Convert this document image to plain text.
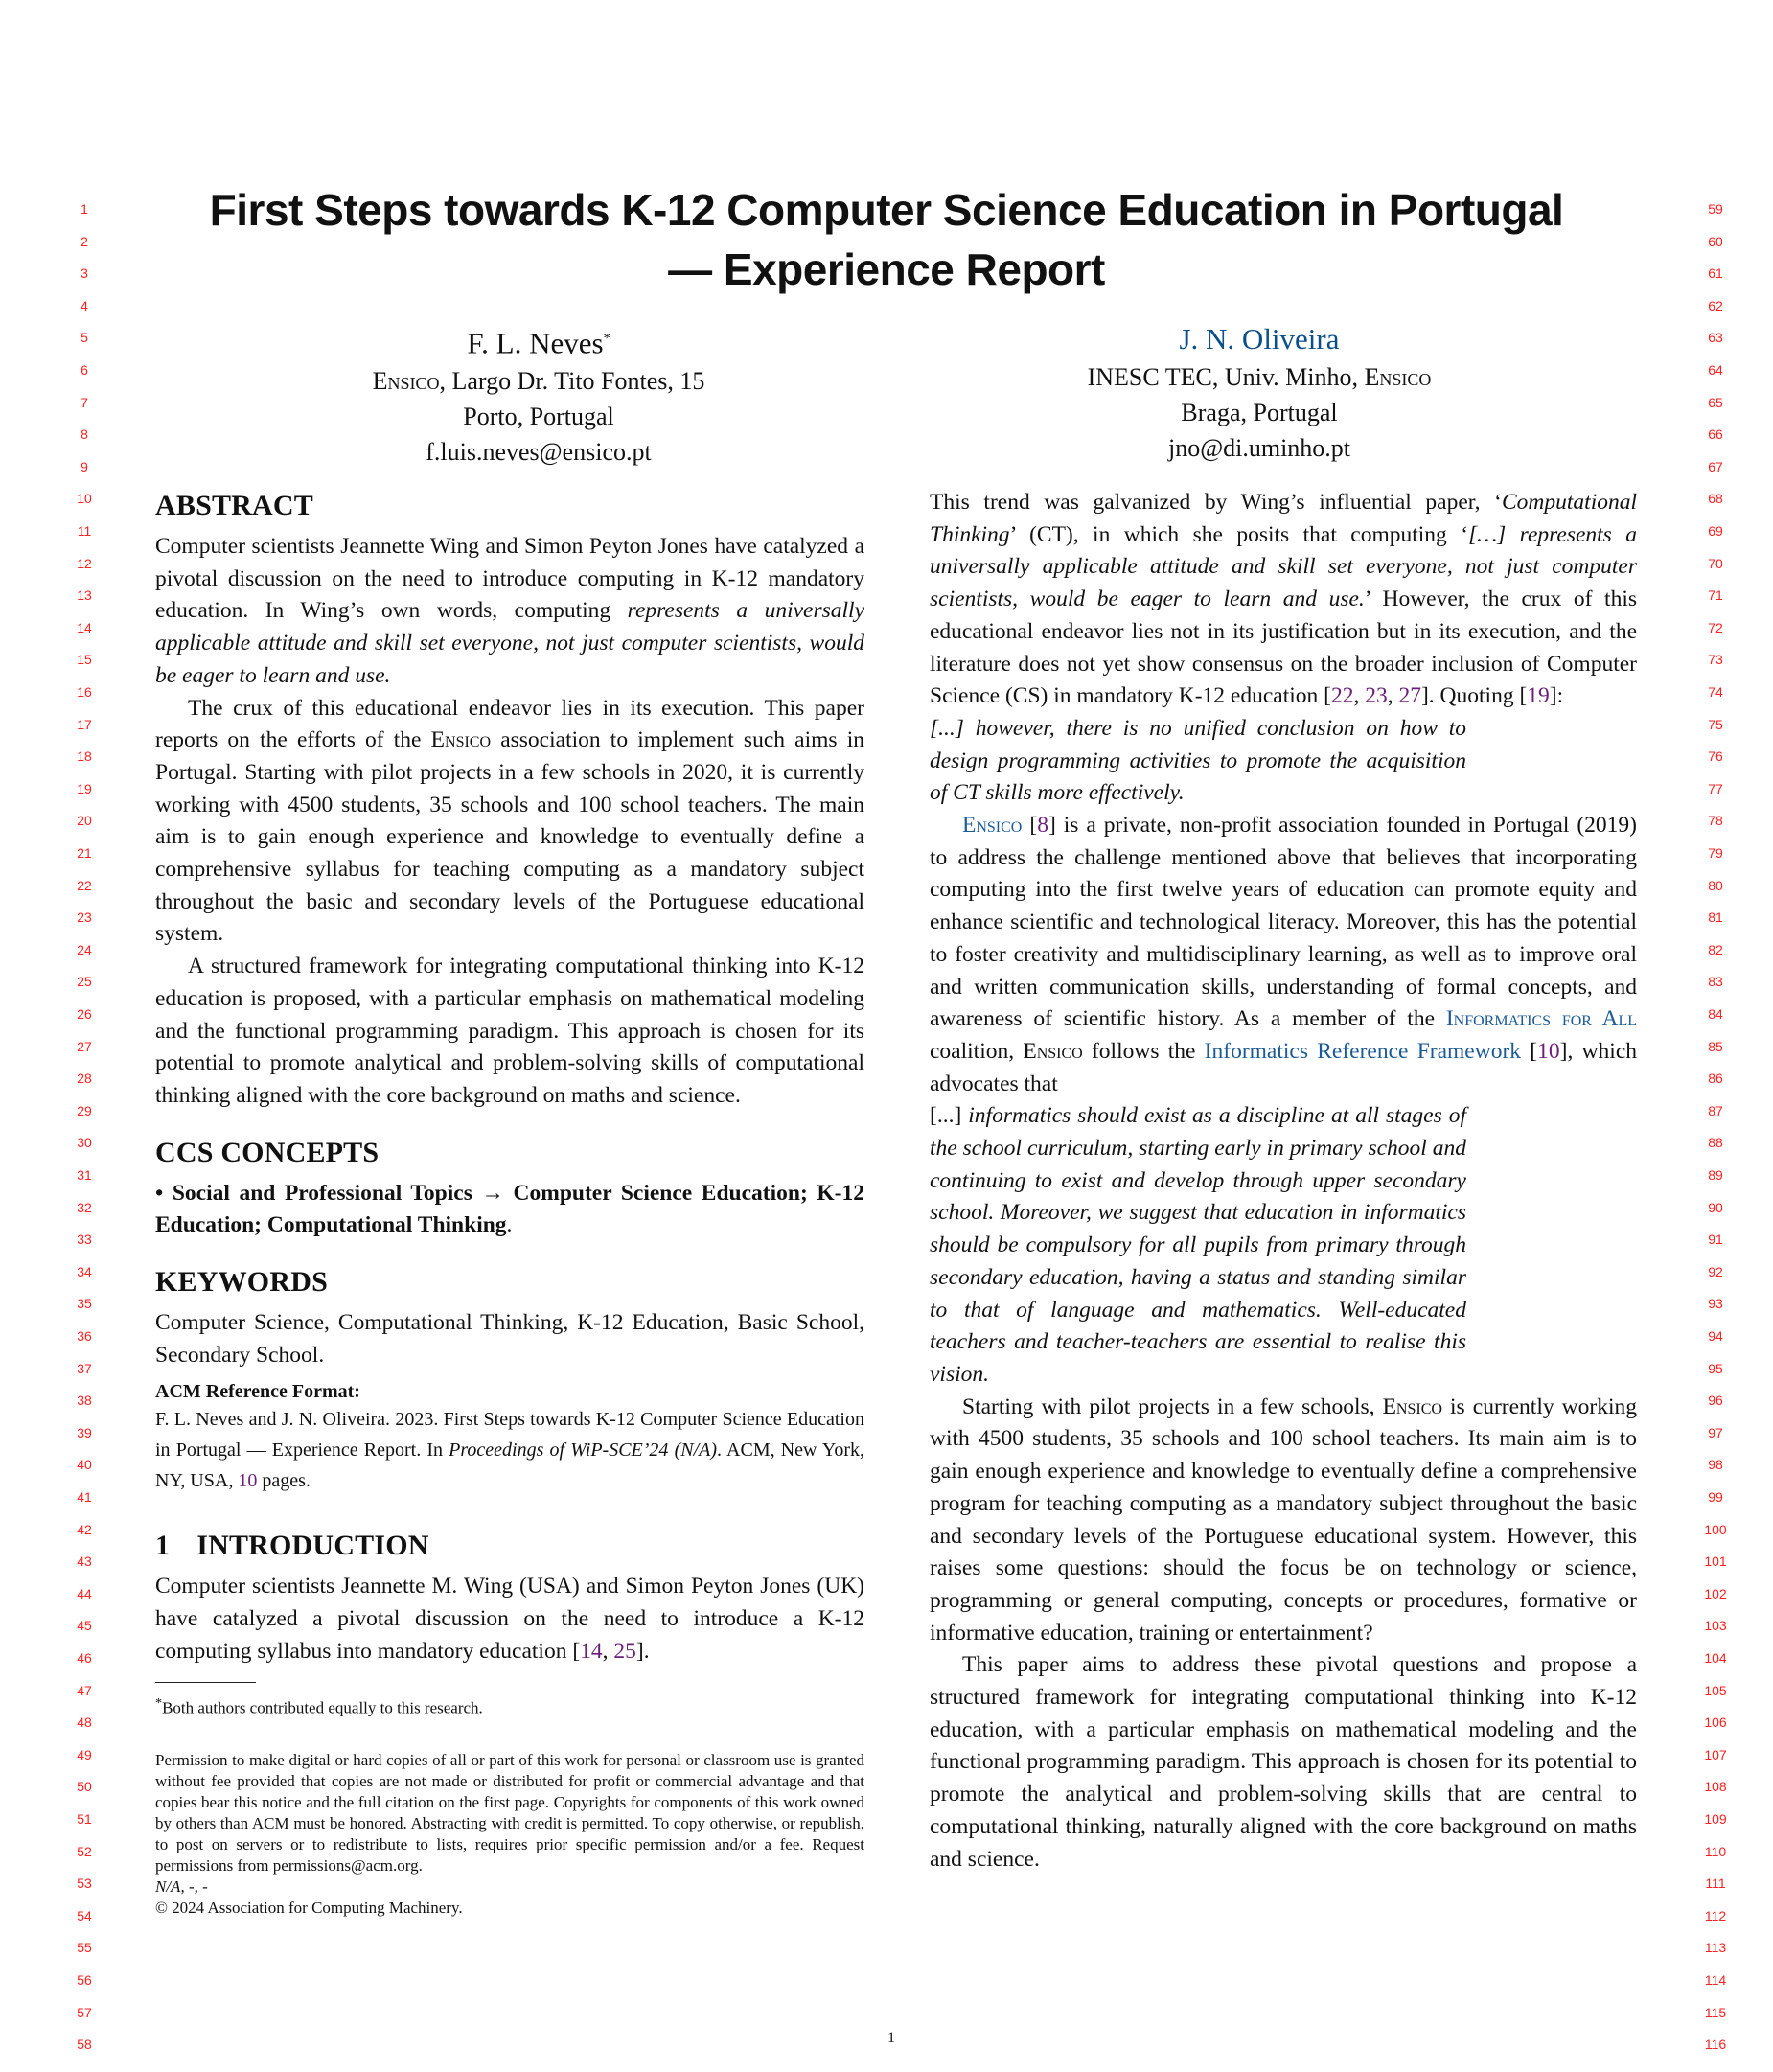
1
2
3
4
5
6
7
8
9
10
11
12
13
14
15
16
17
18
19
20
21
22
23
24
25
26
27
28
29
30
31
32
33
34
35
36
37
38
39
40
41
42
43
44
45
46
47
48
49
50
51
52
53
54
55
56
57
58
59
60
61
62
63
64
65
66
67
68
69
70
71
72
73
74
75
76
77
78
79
80
81
82
83
84
85
86
87
88
89
90
91
92
93
94
95
96
97
98
99
100
101
102
103
104
105
106
107
108
109
110
111
112
113
114
115
116
First Steps towards K-12 Computer Science Education in Portugal
— Experience Report
F. L. Neves*
Ensico, Largo Dr. Tito Fontes, 15
Porto, Portugal
f.luis.neves@ensico.pt
J. N. Oliveira
INESC TEC, Univ. Minho, Ensico
Braga, Portugal
jno@di.uminho.pt
ABSTRACT

Computer scientists Jeannette Wing and Simon Peyton Jones have catalyzed a pivotal discussion on the need to introduce computing in K-12 mandatory education. In Wing’s own words, computing represents a universally applicable attitude and skill set everyone, not just computer scientists, would be eager to learn and use.

The crux of this educational endeavor lies in its execution. This paper reports on the efforts of the Ensico association to implement such aims in Portugal. Starting with pilot projects in a few schools in 2020, it is currently working with 4500 students, 35 schools and 100 school teachers. The main aim is to gain enough experience and knowledge to eventually define a comprehensive syllabus for teaching computing as a mandatory subject throughout the basic and secondary levels of the Portuguese educational system.

A structured framework for integrating computational thinking into K-12 education is proposed, with a particular emphasis on mathematical modeling and the functional programming paradigm. This approach is chosen for its potential to promote analytical and problem-solving skills of computational thinking aligned with the core background on maths and science.

CCS CONCEPTS

• Social and Professional Topics → Computer Science Education; K-12 Education; Computational Thinking.

KEYWORDS

Computer Science, Computational Thinking, K-12 Education, Basic School, Secondary School.

ACM Reference Format:

F. L. Neves and J. N. Oliveira. 2023. First Steps towards K-12 Computer Science Education in Portugal — Experience Report. In Proceedings of WiP-SCE’24 (N/A). ACM, New York, NY, USA, 10 pages.

1 INTRODUCTION

Computer scientists Jeannette M. Wing (USA) and Simon Peyton Jones (UK) have catalyzed a pivotal discussion on the need to introduce a K-12 computing syllabus into mandatory education [14, 25].

*Both authors contributed equally to this research.
Permission to make digital or hard copies of all or part of this work for personal or classroom use is granted without fee provided that copies are not made or distributed for profit or commercial advantage and that copies bear this notice and the full citation on the first page. Copyrights for components of this work owned by others than ACM must be honored. Abstracting with credit is permitted. To copy otherwise, or republish, to post on servers or to redistribute to lists, requires prior specific permission and/or a fee. Request permissions from permissions@acm.org.
N/A, -, -
© 2024 Association for Computing Machinery.

This trend was galvanized by Wing’s influential paper, ‘Computational Thinking’ (CT), in which she posits that computing ‘[…] represents a universally applicable attitude and skill set everyone, not just computer scientists, would be eager to learn and use.’ However, the crux of this educational endeavor lies not in its justification but in its execution, and the literature does not yet show consensus on the broader inclusion of Computer Science (CS) in mandatory K-12 education [22, 23, 27]. Quoting [19]:

[...] however, there is no unified conclusion on how to design programming activities to promote the acquisition of CT skills more effectively.

Ensico [8] is a private, non-profit association founded in Portugal (2019) to address the challenge mentioned above that believes that incorporating computing into the first twelve years of education can promote equity and enhance scientific and technological literacy. Moreover, this has the potential to foster creativity and multidisciplinary learning, as well as to improve oral and written communication skills, understanding of formal concepts, and awareness of scientific history. As a member of the Informatics for All coalition, Ensico follows the Informatics Reference Framework [10], which advocates that

[...] informatics should exist as a discipline at all stages of the school curriculum, starting early in primary school and continuing to exist and develop through upper secondary school. Moreover, we suggest that education in informatics should be compulsory for all pupils from primary through secondary education, having a status and standing similar to that of language and mathematics. Well-educated teachers and teacher-teachers are essential to realise this vision.

Starting with pilot projects in a few schools, Ensico is currently working with 4500 students, 35 schools and 100 school teachers. Its main aim is to gain enough experience and knowledge to eventually define a comprehensive program for teaching computing as a mandatory subject throughout the basic and secondary levels of the Portuguese educational system. However, this raises some questions: should the focus be on technology or science, programming or general computing, concepts or procedures, formative or informative education, training or entertainment?

This paper aims to address these pivotal questions and propose a structured framework for integrating computational thinking into K-12 education, with a particular emphasis on mathematical modeling and the functional programming paradigm. This approach is chosen for its potential to promote the analytical and problem-solving skills that are central to computational thinking, naturally aligned with the core background on maths and science.

1
